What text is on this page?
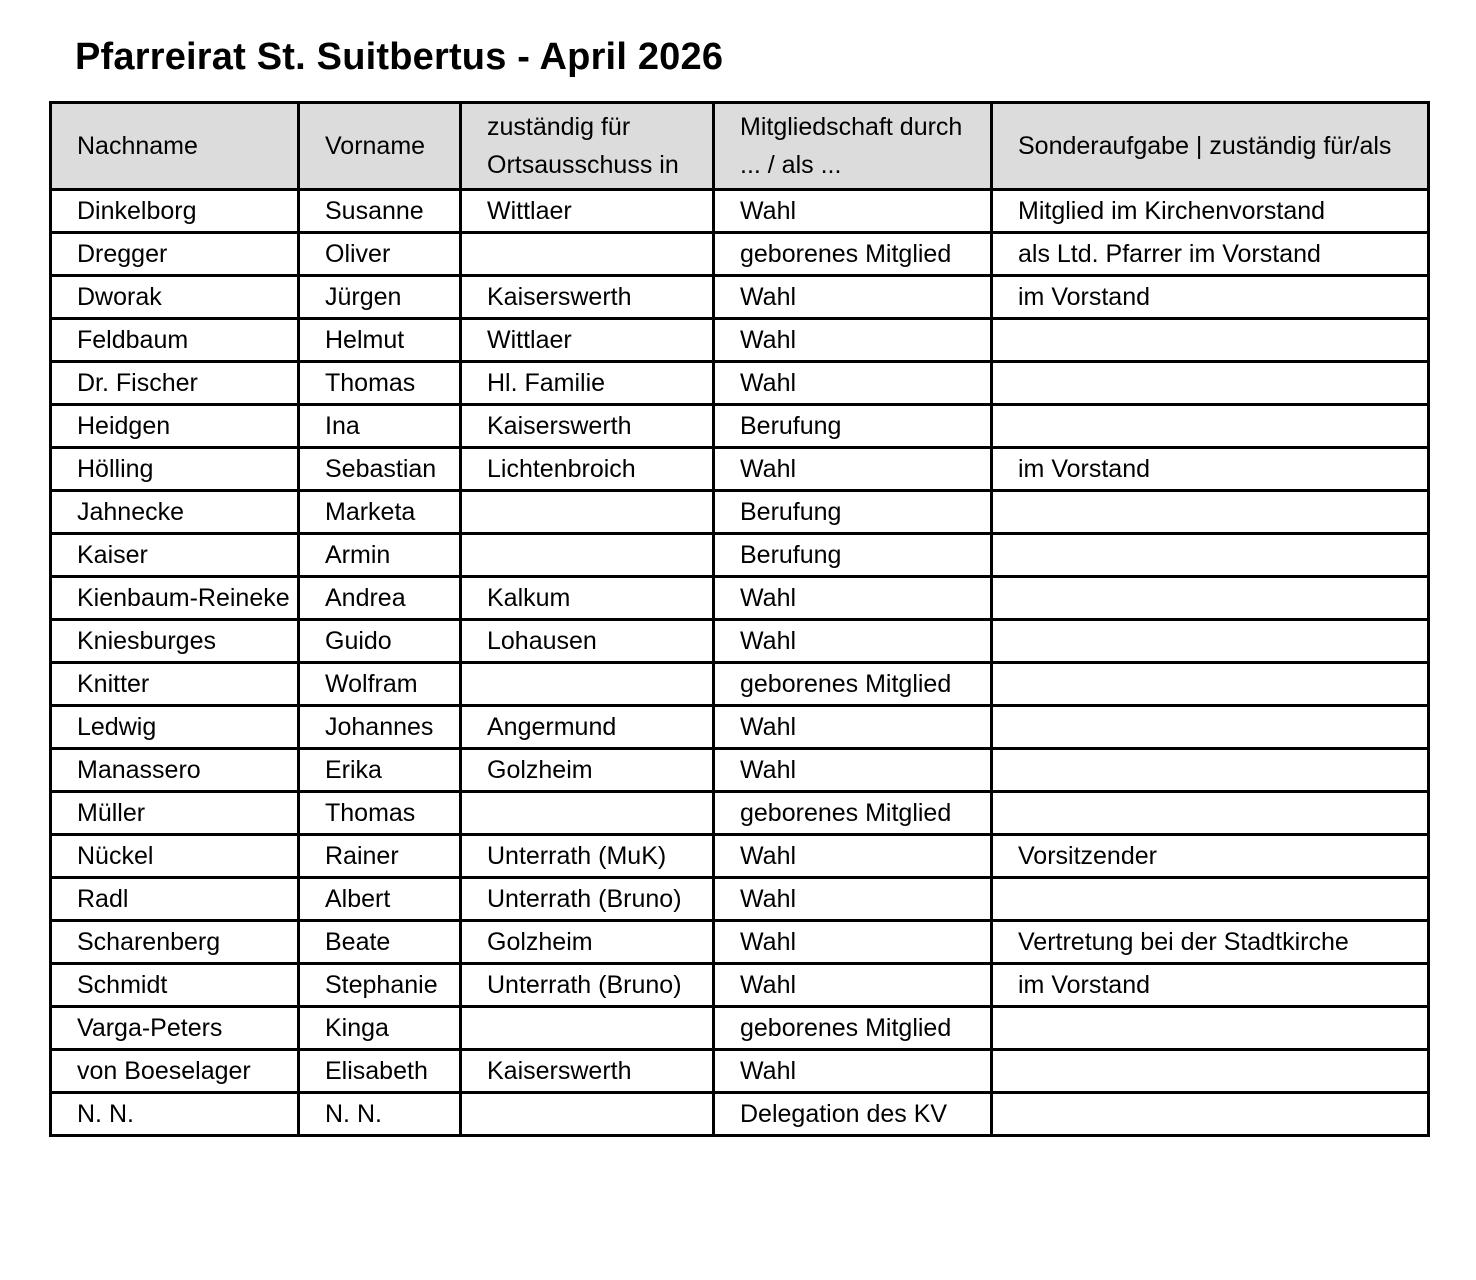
Pfarreirat St. Suitbertus - April 2026
Nachname	Vorname	zuständig für Ortsausschuss in	Mitgliedschaft durch ... / als ...	Sonderaufgabe | zuständig für/als
Dinkelborg	Susanne	Wittlaer	Wahl	Mitglied im Kirchenvorstand
Dregger	Oliver		geborenes Mitglied	als Ltd. Pfarrer im Vorstand
Dworak	Jürgen	Kaiserswerth	Wahl	im Vorstand
Feldbaum	Helmut	Wittlaer	Wahl	
Dr. Fischer	Thomas	Hl. Familie	Wahl	
Heidgen	Ina	Kaiserswerth	Berufung	
Hölling	Sebastian	Lichtenbroich	Wahl	im Vorstand
Jahnecke	Marketa		Berufung	
Kaiser	Armin		Berufung	
Kienbaum-Reineke	Andrea	Kalkum	Wahl	
Kniesburges	Guido	Lohausen	Wahl	
Knitter	Wolfram		geborenes Mitglied	
Ledwig	Johannes	Angermund	Wahl	
Manassero	Erika	Golzheim	Wahl	
Müller	Thomas		geborenes Mitglied	
Nückel	Rainer	Unterrath (MuK)	Wahl	Vorsitzender
Radl	Albert	Unterrath (Bruno)	Wahl	
Scharenberg	Beate	Golzheim	Wahl	Vertretung bei der Stadtkirche
Schmidt	Stephanie	Unterrath (Bruno)	Wahl	im Vorstand
Varga-Peters	Kinga		geborenes Mitglied	
von Boeselager	Elisabeth	Kaiserswerth	Wahl	
N. N.	N. N.		Delegation des KV	
